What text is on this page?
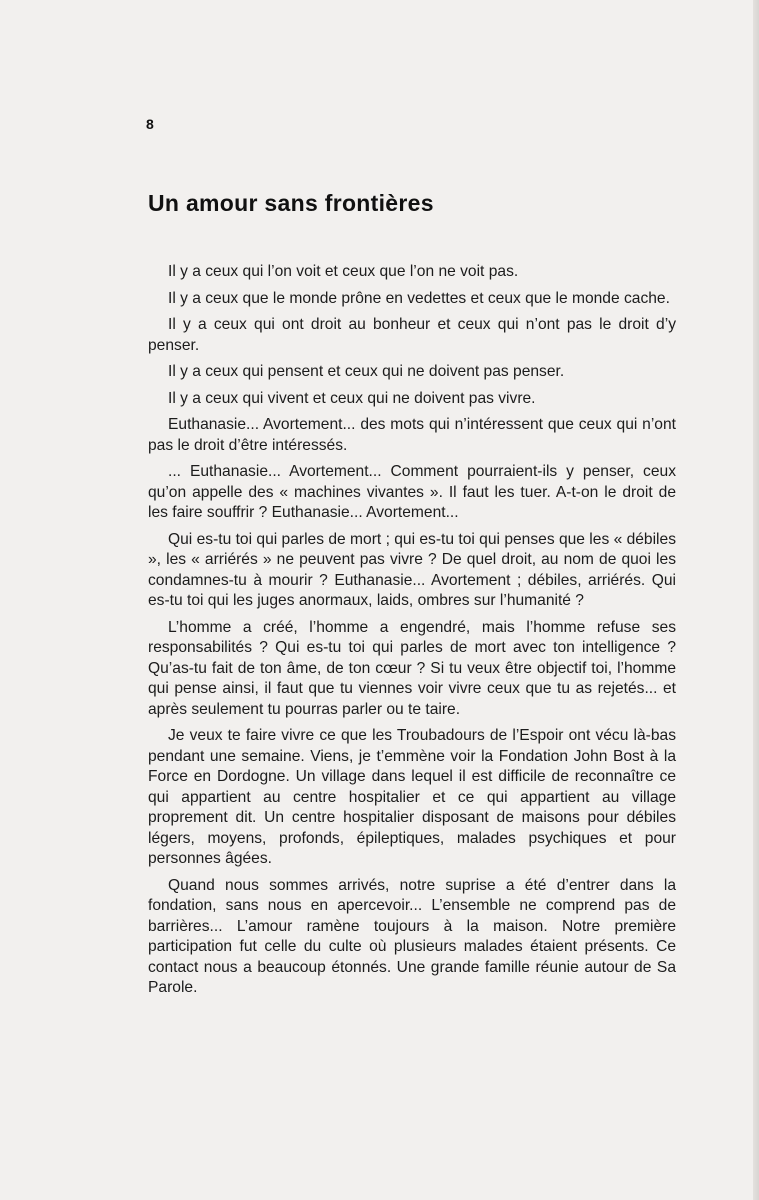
8
Un amour sans frontières

Il y a ceux qui l’on voit et ceux que l’on ne voit pas.

Il y a ceux que le monde prône en vedettes et ceux que le monde cache.

Il y a ceux qui ont droit au bonheur et ceux qui n’ont pas le droit d’y penser.

Il y a ceux qui pensent et ceux qui ne doivent pas penser.

Il y a ceux qui vivent et ceux qui ne doivent pas vivre.

Euthanasie... Avortement... des mots qui n’intéressent que ceux qui n’ont pas le droit d’être intéressés.

... Euthanasie... Avortement... Comment pourraient-ils y penser, ceux qu’on appelle des « machines vivantes ». Il faut les tuer. A-t-on le droit de les faire souffrir ? Euthanasie... Avortement...

Qui es-tu toi qui parles de mort ; qui es-tu toi qui penses que les « débiles », les « arriérés » ne peuvent pas vivre ? De quel droit, au nom de quoi les condamnes-tu à mourir ? Euthanasie... Avortement ; débiles, arriérés. Qui es-tu toi qui les juges anormaux, laids, ombres sur l’humanité ?

L’homme a créé, l’homme a engendré, mais l’homme refuse ses responsabilités ? Qui es-tu toi qui parles de mort avec ton intelligence ? Qu’as-tu fait de ton âme, de ton cœur ? Si tu veux être objectif toi, l’homme qui pense ainsi, il faut que tu viennes voir vivre ceux que tu as rejetés... et après seulement tu pourras parler ou te taire.

Je veux te faire vivre ce que les Troubadours de l’Espoir ont vécu là-bas pendant une semaine. Viens, je t’emmène voir la Fondation John Bost à la Force en Dordogne. Un village dans lequel il est difficile de reconnaître ce qui appartient au centre hospitalier et ce qui appartient au village proprement dit. Un centre hospitalier disposant de maisons pour débiles légers, moyens, profonds, épileptiques, malades psychiques et pour personnes âgées.

Quand nous sommes arrivés, notre suprise a été d’entrer dans la fondation, sans nous en apercevoir... L’ensemble ne comprend pas de barrières... L’amour ramène toujours à la maison. Notre première participation fut celle du culte où plusieurs malades étaient présents. Ce contact nous a beaucoup étonnés. Une grande famille réunie autour de Sa Parole.
